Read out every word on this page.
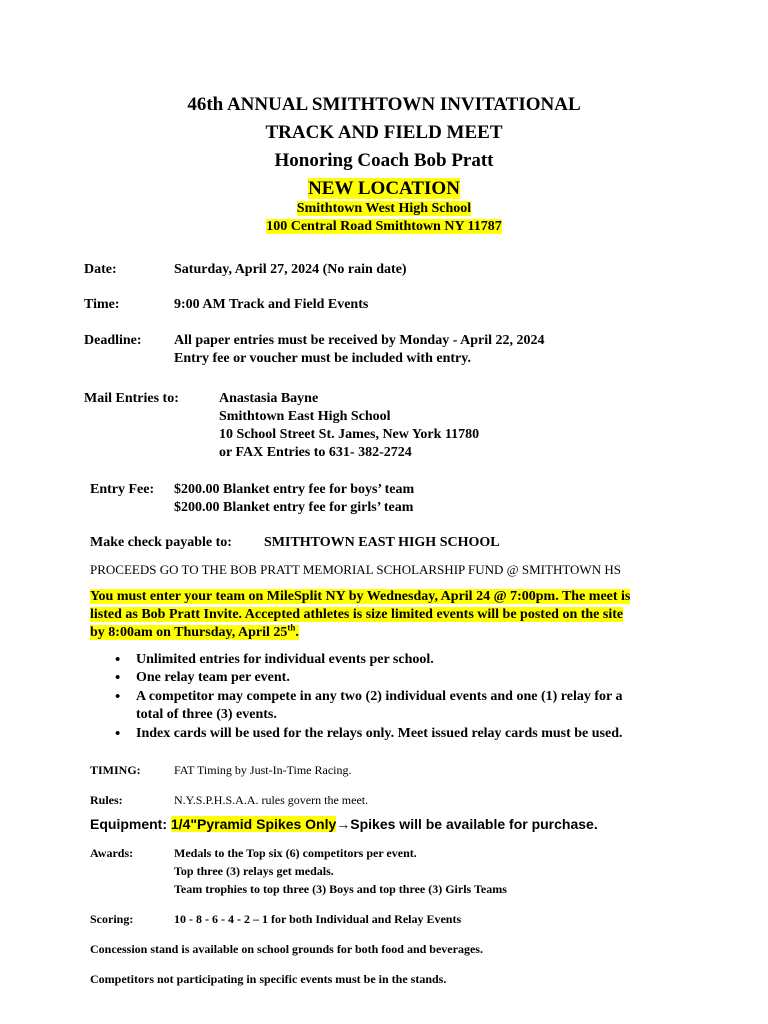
46th ANNUAL SMITHTOWN INVITATIONAL
TRACK AND FIELD MEET
Honoring Coach Bob Pratt
NEW LOCATION
Smithtown West High School
100 Central Road Smithtown NY 11787
Date:	Saturday, April 27, 2024 (No rain date)
Time:	9:00 AM Track and Field Events
Deadline: All paper entries must be received by Monday - April 22, 2024
Entry fee or voucher must be included with entry.
Mail Entries to:	Anastasia Bayne
Smithtown East High School
10 School Street St. James, New York 11780
or FAX Entries to 631- 382-2724
Entry Fee: $200.00 Blanket entry fee for boys’ team
$200.00 Blanket entry fee for girls’ team
Make check payable to: SMITHTOWN EAST HIGH SCHOOL
PROCEEDS GO TO THE BOB PRATT MEMORIAL SCHOLARSHIP FUND @ SMITHTOWN HS
You must enter your team on MileSplit NY by Wednesday, April 24 @ 7:00pm. The meet is
listed as Bob Pratt Invite. Accepted athletes is size limited events will be posted on the site
by 8:00am on Thursday, April 25th.
• Unlimited entries for individual events per school.
• One relay team per event.
• A competitor may compete in any two (2) individual events and one (1) relay for a
total of three (3) events.
• Index cards will be used for the relays only. Meet issued relay cards must be used.
TIMING:	FAT Timing by Just-In-Time Racing.
Rules:	N.Y.S.P.H.S.A.A. rules govern the meet.
Equipment: 1/4"Pyramid Spikes Only→Spikes will be available for purchase.
Awards:	Medals to the Top six (6) competitors per event.
Top three (3) relays get medals.
Team trophies to top three (3) Boys and top three (3) Girls Teams
Scoring:	10 - 8 - 6 - 4 - 2 – 1 for both Individual and Relay Events
Concession stand is available on school grounds for both food and beverages.
Competitors not participating in specific events must be in the stands.
